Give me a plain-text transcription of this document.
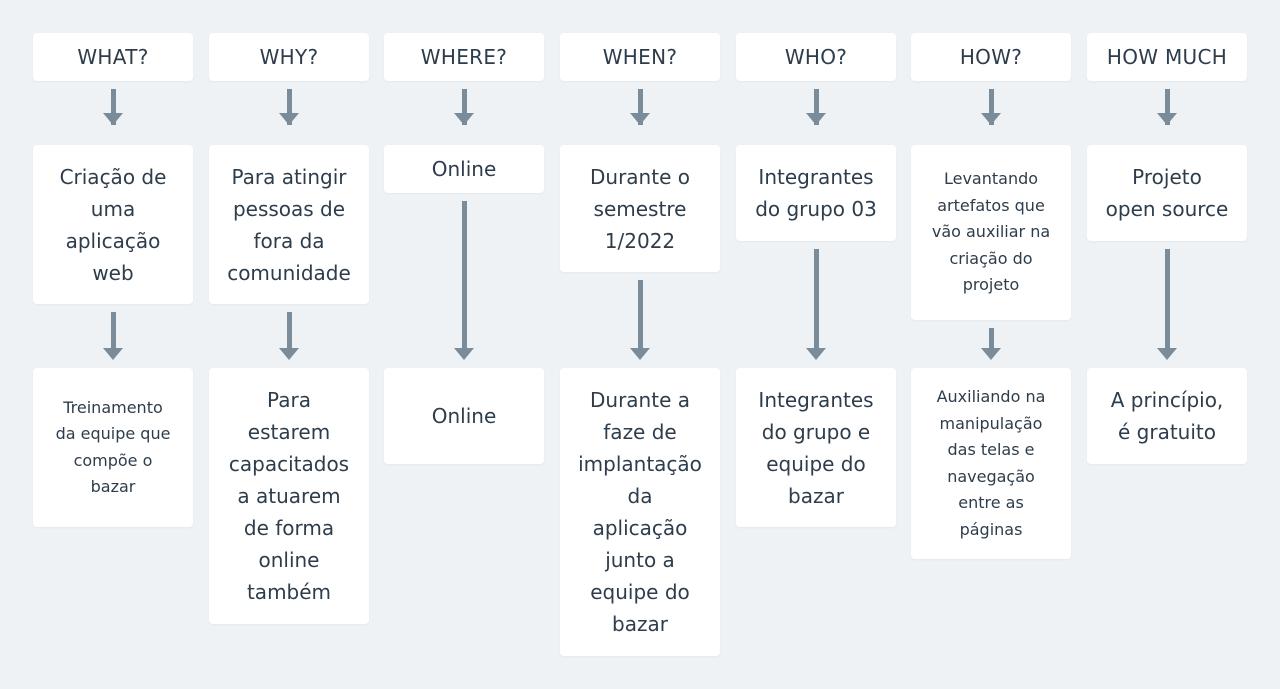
WHAT?
Criação de
uma
aplicação
web
Treinamento
da equipe que
compõe o
bazar
WHY?
Para atingir
pessoas de
fora da
comunidade
Para
estarem
capacitados
a atuarem
de forma
online
também
WHERE?
Online
Online
WHEN?
Durante o
semestre
1/2022
Durante a
faze de
implantação
da
aplicação
junto a
equipe do
bazar
WHO?
Integrantes
do grupo 03
Integrantes
do grupo e
equipe do
bazar
HOW?
Levantando
artefatos que
vão auxiliar na
criação do
projeto
Auxiliando na
manipulação
das telas e
navegação
entre as
páginas
HOW MUCH
Projeto
open source
A princípio,
é gratuito
